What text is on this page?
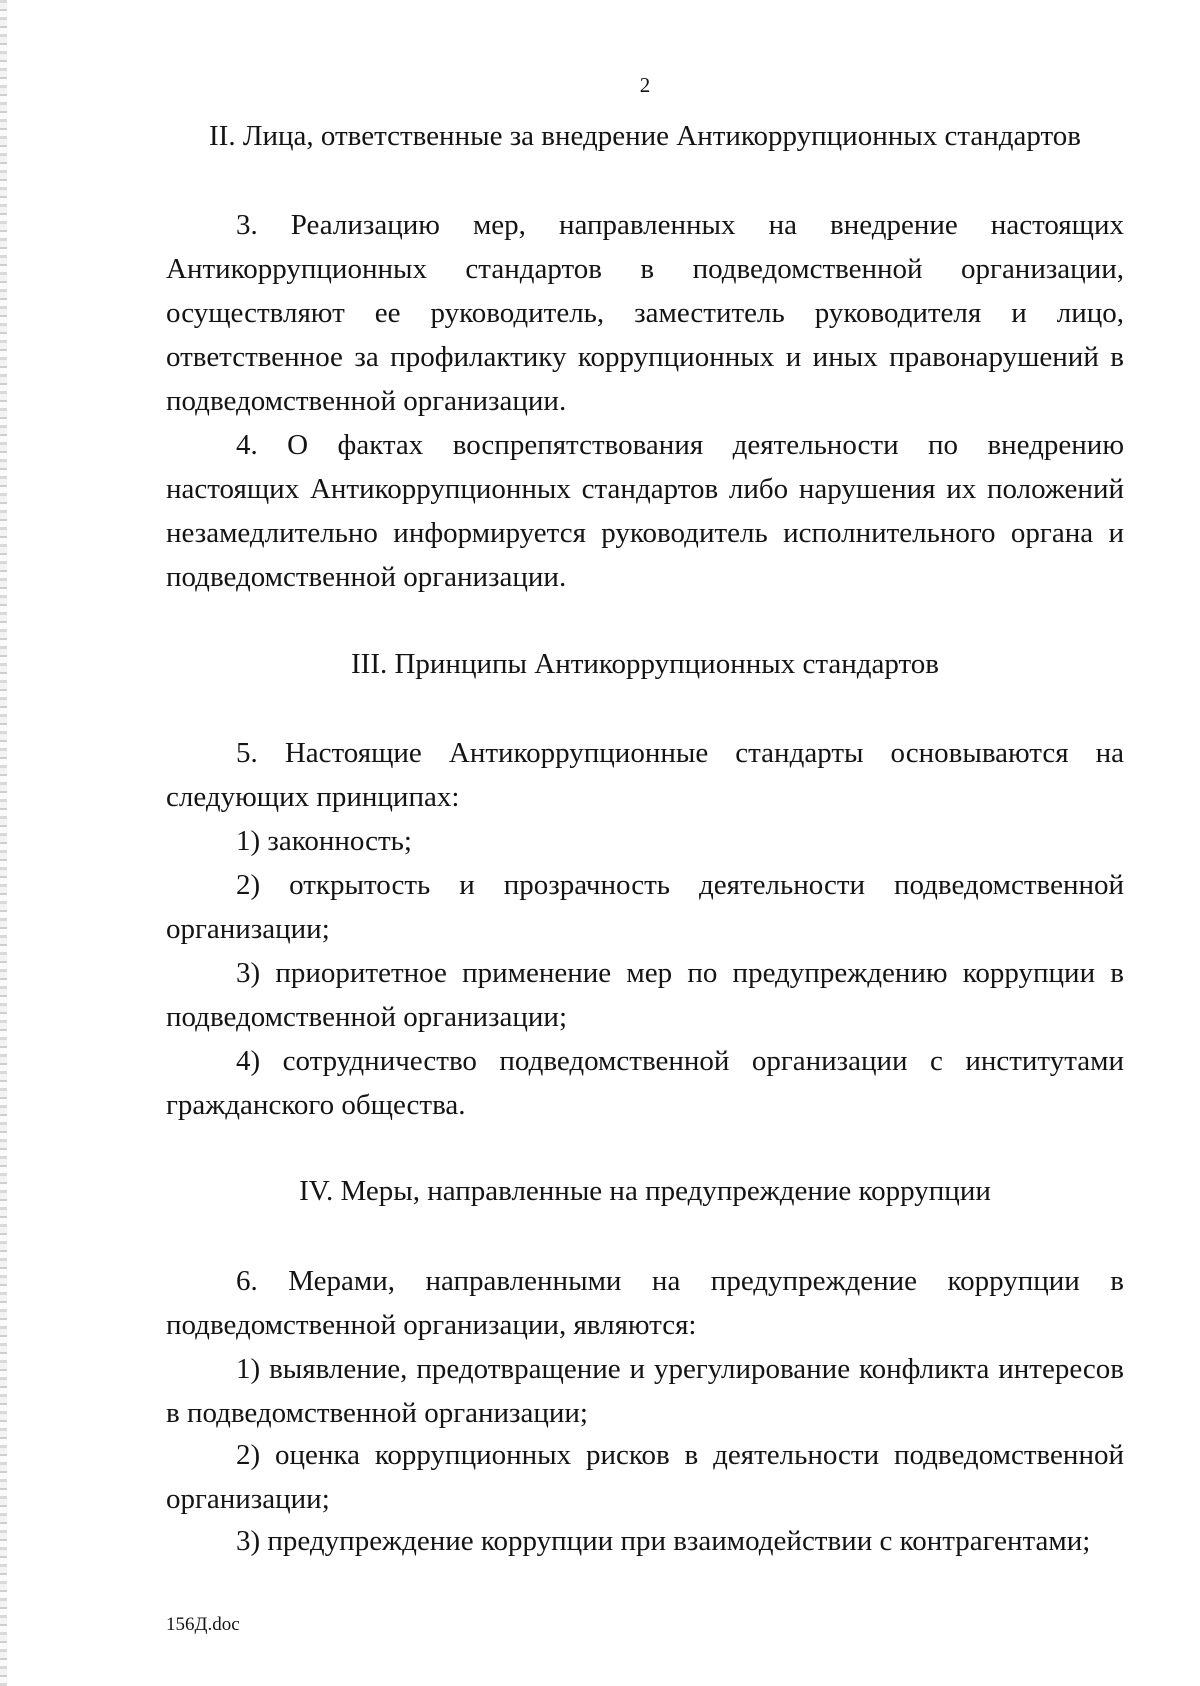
2
II. Лица, ответственные за внедрение Антикоррупционных стандартов

3. Реализацию мер, направленных на внедрение настоящих Антикоррупционных стандартов в подведомственной организации, осуществляют ее руководитель, заместитель руководителя и лицо, ответственное за профилактику коррупционных и иных правонарушений в подведомственной организации.

4. О фактах воспрепятствования деятельности по внедрению настоящих Антикоррупционных стандартов либо нарушения их положений незамедлительно информируется руководитель исполнительного органа и подведомственной организации.

III. Принципы Антикоррупционных стандартов

5. Настоящие Антикоррупционные стандарты основываются на следующих принципах:

1) законность;

2) открытость и прозрачность деятельности подведомственной организации;

3) приоритетное применение мер по предупреждению коррупции в подведомственной организации;

4) сотрудничество подведомственной организации с институтами гражданского общества.

IV. Меры, направленные на предупреждение коррупции

6. Мерами, направленными на предупреждение коррупции в подведомственной организации, являются:

1) выявление, предотвращение и урегулирование конфликта интересов в подведомственной организации;

2) оценка коррупционных рисков в деятельности подведомственной организации;

3) предупреждение коррупции при взаимодействии с контрагентами;

156Д.doc
